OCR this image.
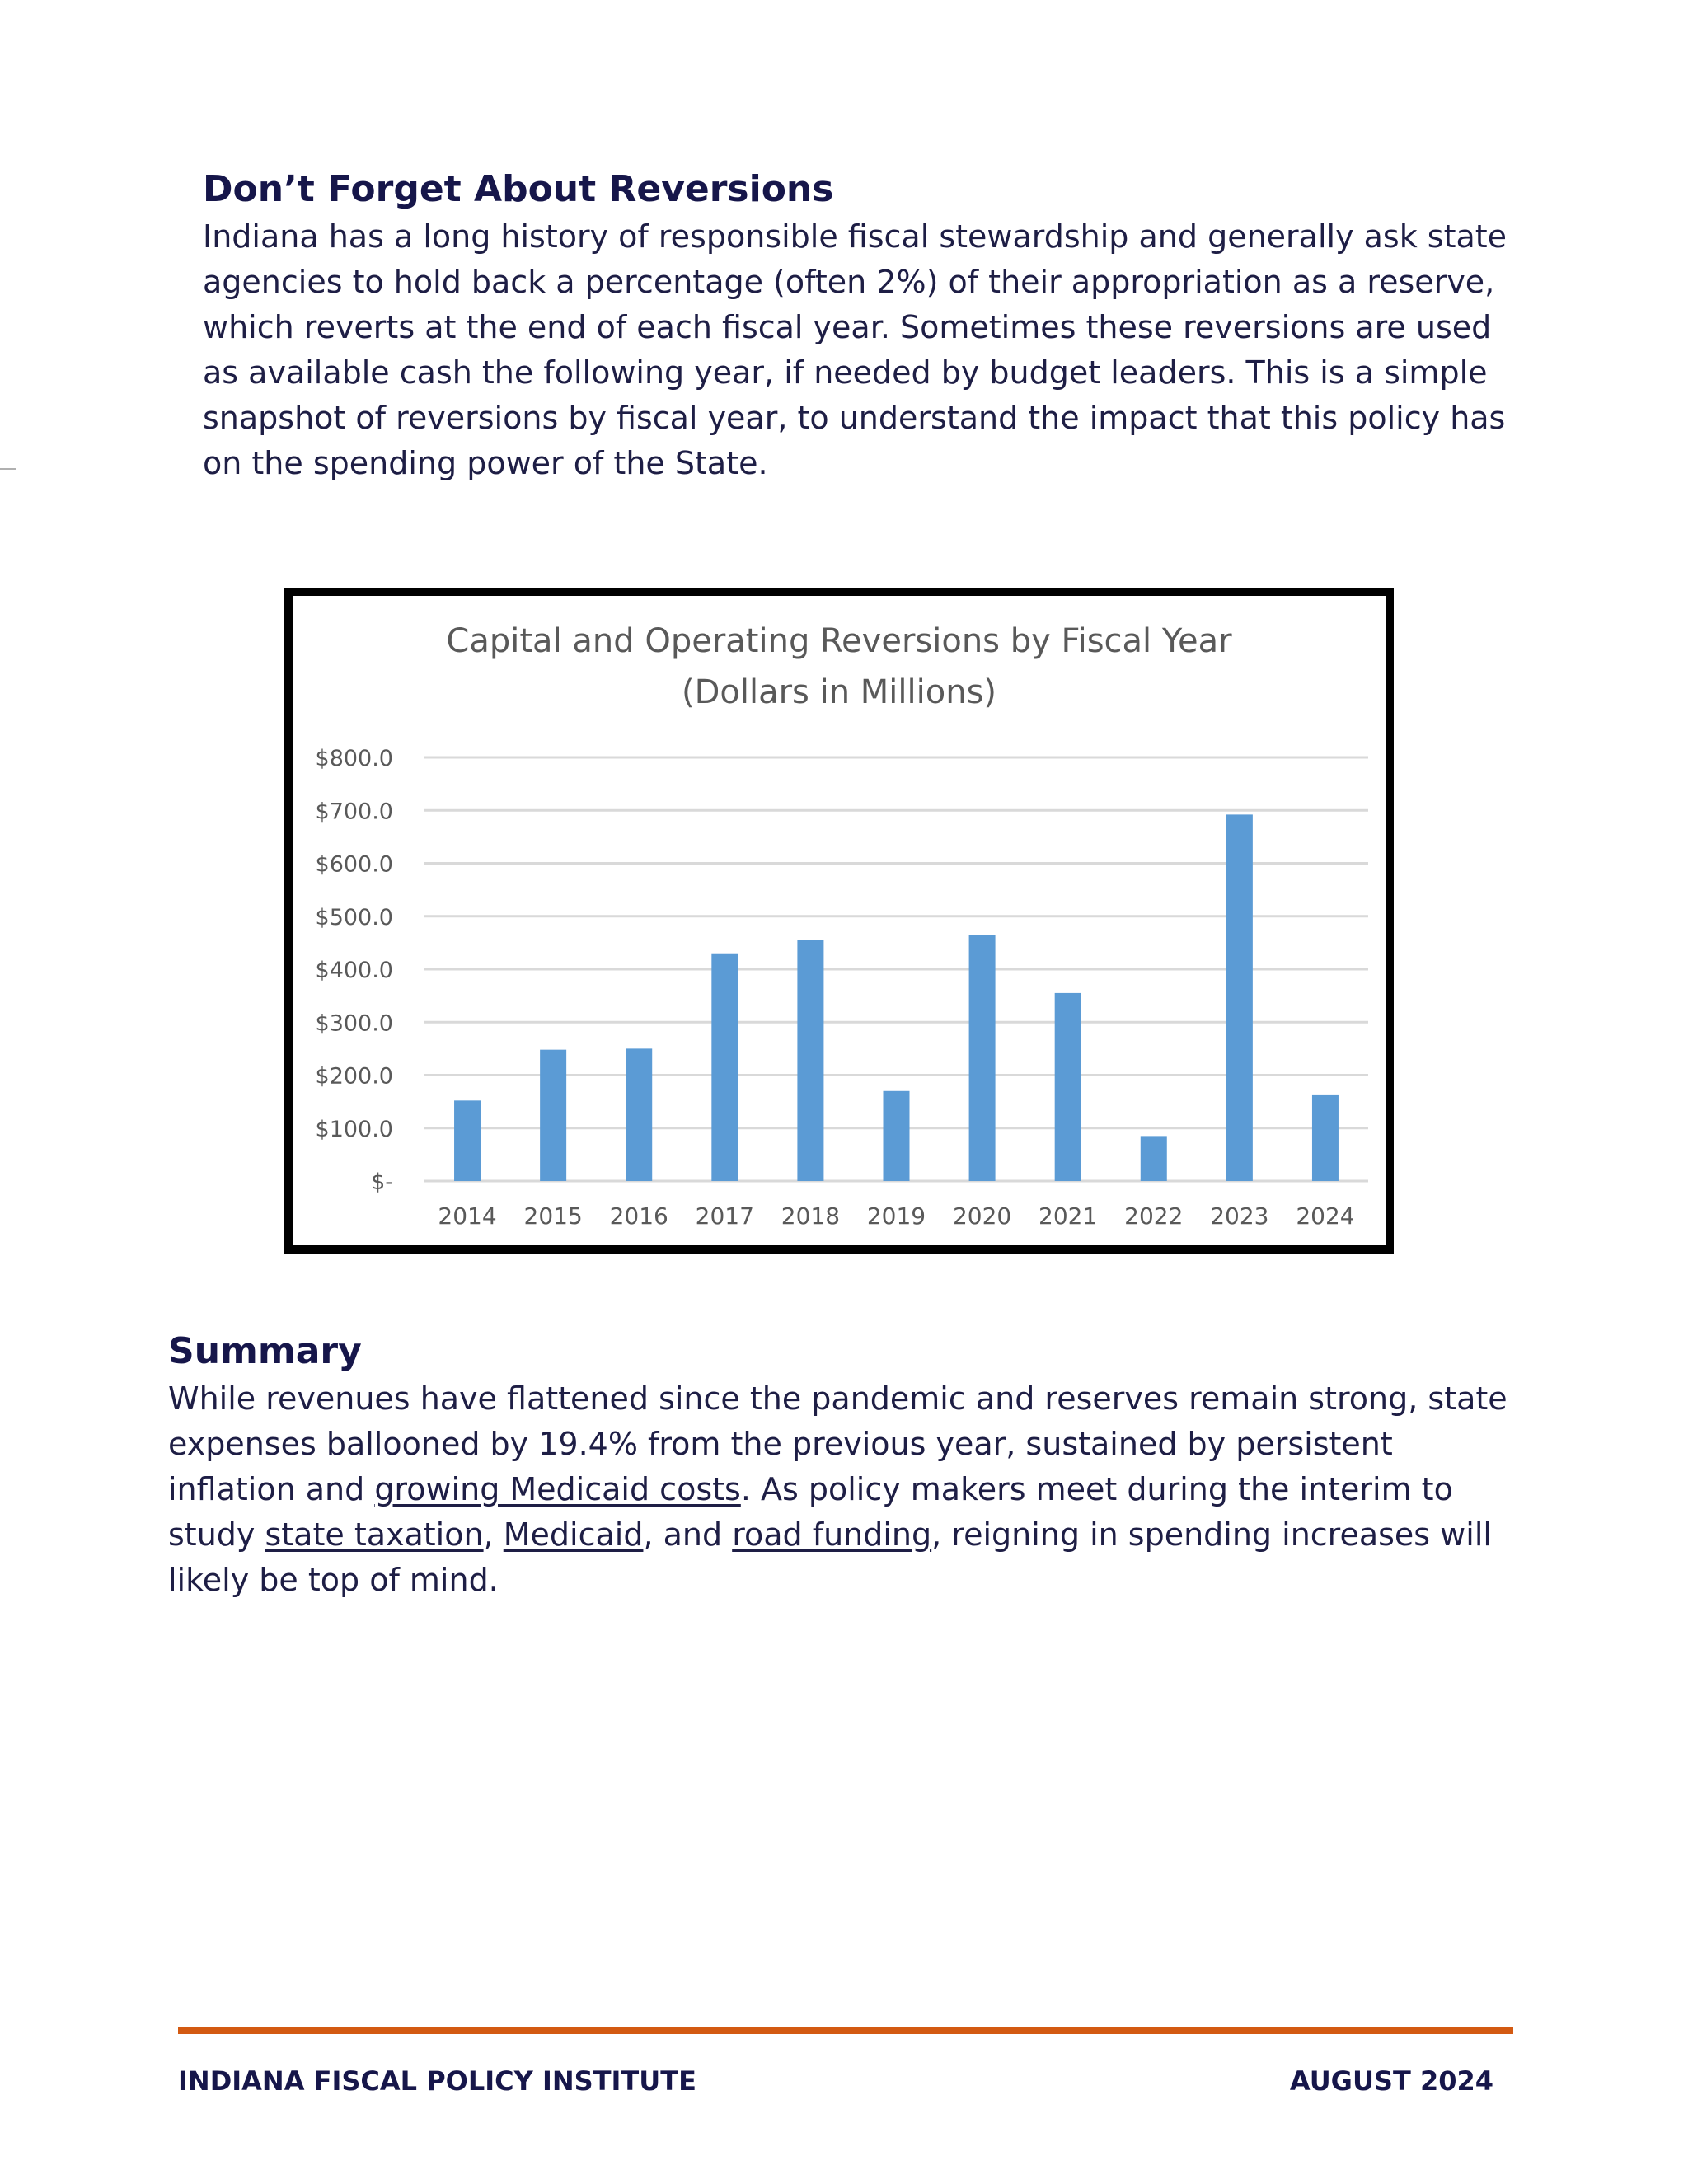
Don’t Forget About Reversions

Indiana has a long history of responsible fiscal stewardship and generally ask state agencies to hold back a percentage (often 2%) of their appropriation as a reserve, which reverts at the end of each fiscal year. Sometimes these reversions are used as available cash the following year, if needed by budget leaders. This is a simple snapshot of reversions by fiscal year, to understand the impact that this policy has on the spending power of the State.

Capital and Operating Reversions by Fiscal Year
(Dollars in Millions)
$-
$100.0
$200.0
$300.0
$400.0
$500.0
$600.0
$700.0
$800.0
2014 2015 2016 2017 2018 2019 2020 2021 2022 2023 2024
Summary

While revenues have flattened since the pandemic and reserves remain strong, state expenses ballooned by 19.4% from the previous year, sustained by persistent inflation and growing Medicaid costs. As policy makers meet during the interim to study state taxation, Medicaid, and road funding, reigning in spending increases will likely be top of mind.

INDIANA FISCAL POLICY INSTITUTE	AUGUST 2024
